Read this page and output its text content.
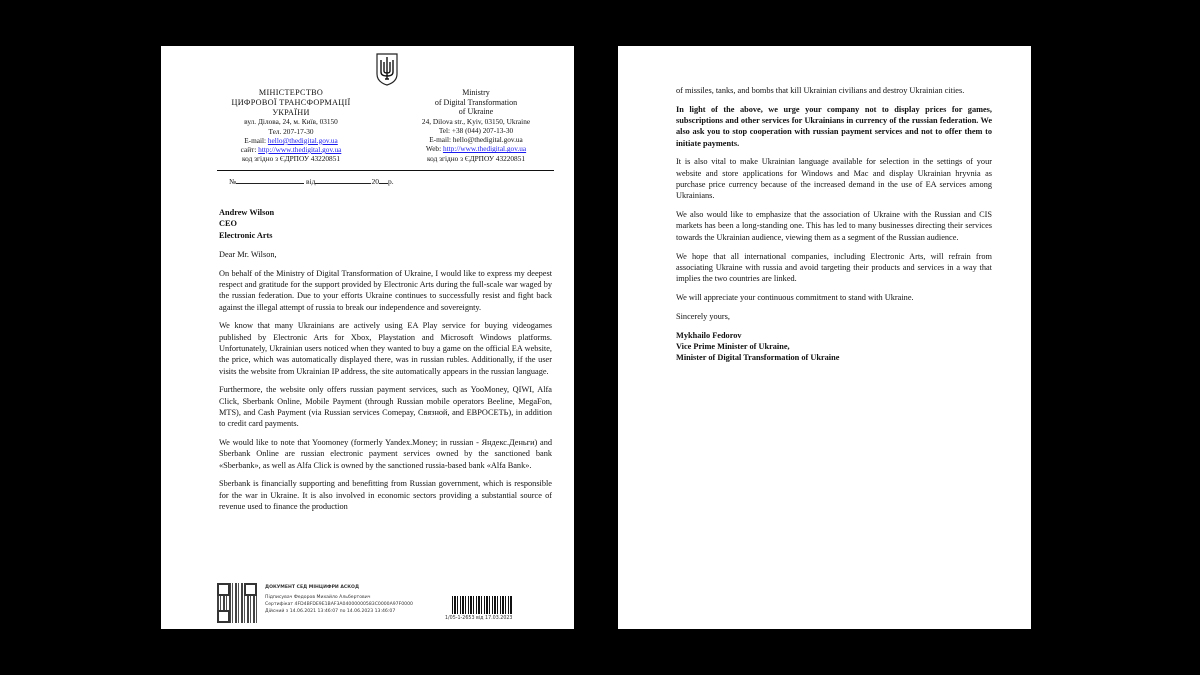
МІНІСТЕРСТВО
ЦИФРОВОЇ ТРАНСФОРМАЦІЇ
УКРАЇНИ
вул. Ділова, 24, м. Київ, 03150
Тел. 207-17-30
E-mail: hello@thedigital.gov.ua
сайт: http://www.thedigital.gov.ua
код згідно з ЄДРПОУ 43220851
Ministry
of Digital Transformation
of Ukraine
24, Dilova str., Kyiv, 03150, Ukraine
Tel: +38 (044) 207-13-30
E-mail: hello@thedigital.gov.ua
Web: http://www.thedigital.gov.ua
код згідно з ЄДРПОУ 43220851
№	від	20 р.
Andrew Wilson
CEO
Electronic Arts

Dear Mr. Wilson,

On behalf of the Ministry of Digital Transformation of Ukraine, I would like to express my deepest respect and gratitude for the support provided by Electronic Arts during the full-scale war waged by the russian federation. Due to your efforts Ukraine continues to successfully resist and fight back against the illegal attempt of russia to break our independence and sovereignty.

We know that many Ukrainians are actively using EA Play service for buying videogames published by Electronic Arts for Xbox, Playstation and Microsoft Windows platforms. Unfortunately, Ukrainian users noticed when they wanted to buy a game on the official EA website, the price, which was automatically displayed there, was in russian rubles. Additionally, if the user visits the website from Ukrainian IP address, the site automatically appears in the russian language.

Furthermore, the website only offers russian payment services, such as YooMoney, QIWI, Alfa Click, Sberbank Online, Mobile Payment (through Russian mobile operators Beeline, MegaFon, MTS), and Cash Payment (via Russian services Comepay, Связной, and ЕВРОСЕТЬ), in addition to credit card payments.

We would like to note that Yoomoney (formerly Yandex.Money; in russian - Яндекс.Деньги) and Sberbank Online are russian electronic payment services owned by the sanctioned bank «Sberbank», as well as Alfa Click is owned by the sanctioned russia-based bank «Alfa Bank».

Sberbank is financially supporting and benefitting from Russian government, which is responsible for the war in Ukraine. It is also involved in economic sectors providing a substantial source of revenue used to finance the production

ДОКУМЕНТ СЕД МІНЦИФРИ АСКОД
Підписувач Федоров Михайло Альбертович
Сертифікат 4FD4BFDE9E1BAF3A04000000583C0000A97F0000
Дійсний з 14.06.2021 13:46:07 по 14.06.2023 13:46:07
1/05-1-2653 від 17.03.2023

of missiles, tanks, and bombs that kill Ukrainian civilians and destroy Ukrainian cities.

In light of the above, we urge your company not to display prices for games, subscriptions and other services for Ukrainians in currency of the russian federation. We also ask you to stop cooperation with russian payment services and not to offer them to initiate payments.

It is also vital to make Ukrainian language available for selection in the settings of your website and store applications for Windows and Mac and display Ukrainian hryvnia as purchase price currency because of the increased demand in the use of EA services among Ukrainians.

We also would like to emphasize that the association of Ukraine with the Russian and CIS markets has been a long-standing one. This has led to many businesses directing their services towards the Ukrainian audience, viewing them as a segment of the Russian audience.

We hope that all international companies, including Electronic Arts, will refrain from associating Ukraine with russia and avoid targeting their products and services in a way that implies the two countries are linked.

We will appreciate your continuous commitment to stand with Ukraine.

Sincerely yours,

Mykhailo Fedorov
Vice Prime Minister of Ukraine,
Minister of Digital Transformation of Ukraine
